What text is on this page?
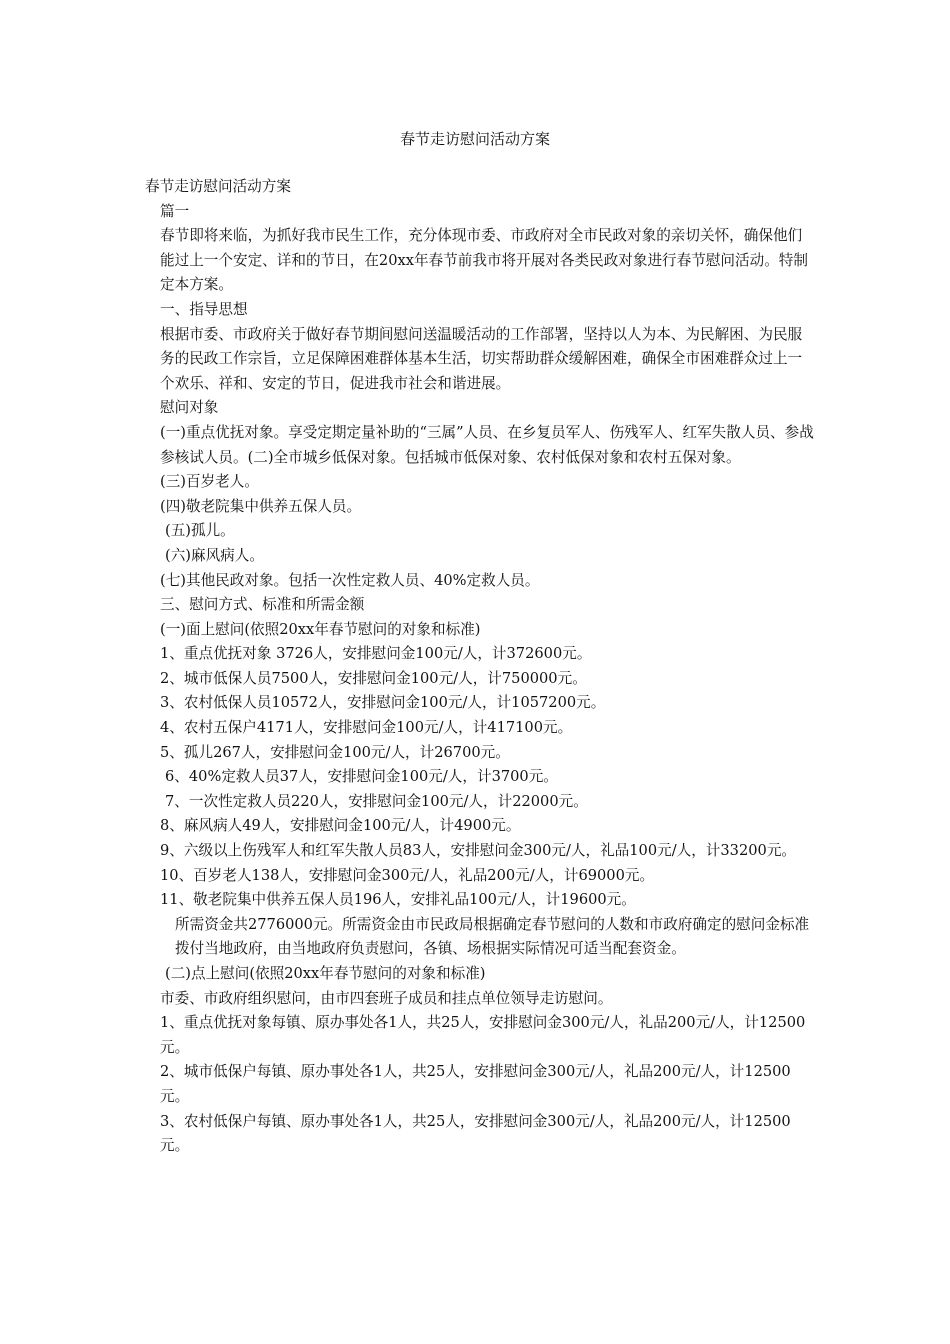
春节走访慰问活动方案

春节走访慰问活动方案

篇一

春节即将来临，为抓好我市民生工作，充分体现市委、市政府对全市民政对象的亲切关怀，确保他们能过上一个安定、详和的节日，在20xx年春节前我市将开展对各类民政对象进行春节慰问活动。特制定本方案。

一、指导思想

根据市委、市政府关于做好春节期间慰问送温暖活动的工作部署，坚持以人为本、为民解困、为民服务的民政工作宗旨，立足保障困难群体基本生活，切实帮助群众缓解困难，确保全市困难群众过上一个欢乐、祥和、安定的节日，促进我市社会和谐进展。

慰问对象

(一)重点优抚对象。享受定期定量补助的“三属”人员、在乡复员军人、伤残军人、红军失散人员、参战参核试人员。(二)全市城乡低保对象。包括城市低保对象、农村低保对象和农村五保对象。

(三)百岁老人。

(四)敬老院集中供养五保人员。

(五)孤儿。

(六)麻风病人。

(七)其他民政对象。包括一次性定救人员、40%定救人员。

三、慰问方式、标准和所需金额

(一)面上慰问(依照20xx年春节慰问的对象和标准)

1、重点优抚对象 3726人，安排慰问金100元/人，计372600元。

2、城市低保人员7500人，安排慰问金100元/人，计750000元。

3、农村低保人员10572人，安排慰问金100元/人，计1057200元。

4、农村五保户4171人，安排慰问金100元/人，计417100元。

5、孤儿267人，安排慰问金100元/人，计26700元。

6、40%定救人员37人，安排慰问金100元/人，计3700元。

7、一次性定救人员220人，安排慰问金100元/人，计22000元。

8、麻风病人49人，安排慰问金100元/人，计4900元。

9、六级以上伤残军人和红军失散人员83人，安排慰问金300元/人，礼品100元/人，计33200元。

10、百岁老人138人，安排慰问金300元/人，礼品200元/人，计69000元。

11、敬老院集中供养五保人员196人，安排礼品100元/人，计19600元。

所需资金共2776000元。所需资金由市民政局根据确定春节慰问的人数和市政府确定的慰问金标准拨付当地政府，由当地政府负责慰问，各镇、场根据实际情况可适当配套资金。

(二)点上慰问(依照20xx年春节慰问的对象和标准)

市委、市政府组织慰问，由市四套班子成员和挂点单位领导走访慰问。

1、重点优抚对象每镇、原办事处各1人，共25人，安排慰问金300元/人，礼品200元/人，计12500元。

2、城市低保户每镇、原办事处各1人，共25人，安排慰问金300元/人，礼品200元/人，计12500元。

3、农村低保户每镇、原办事处各1人，共25人，安排慰问金300元/人，礼品200元/人，计12500元。
